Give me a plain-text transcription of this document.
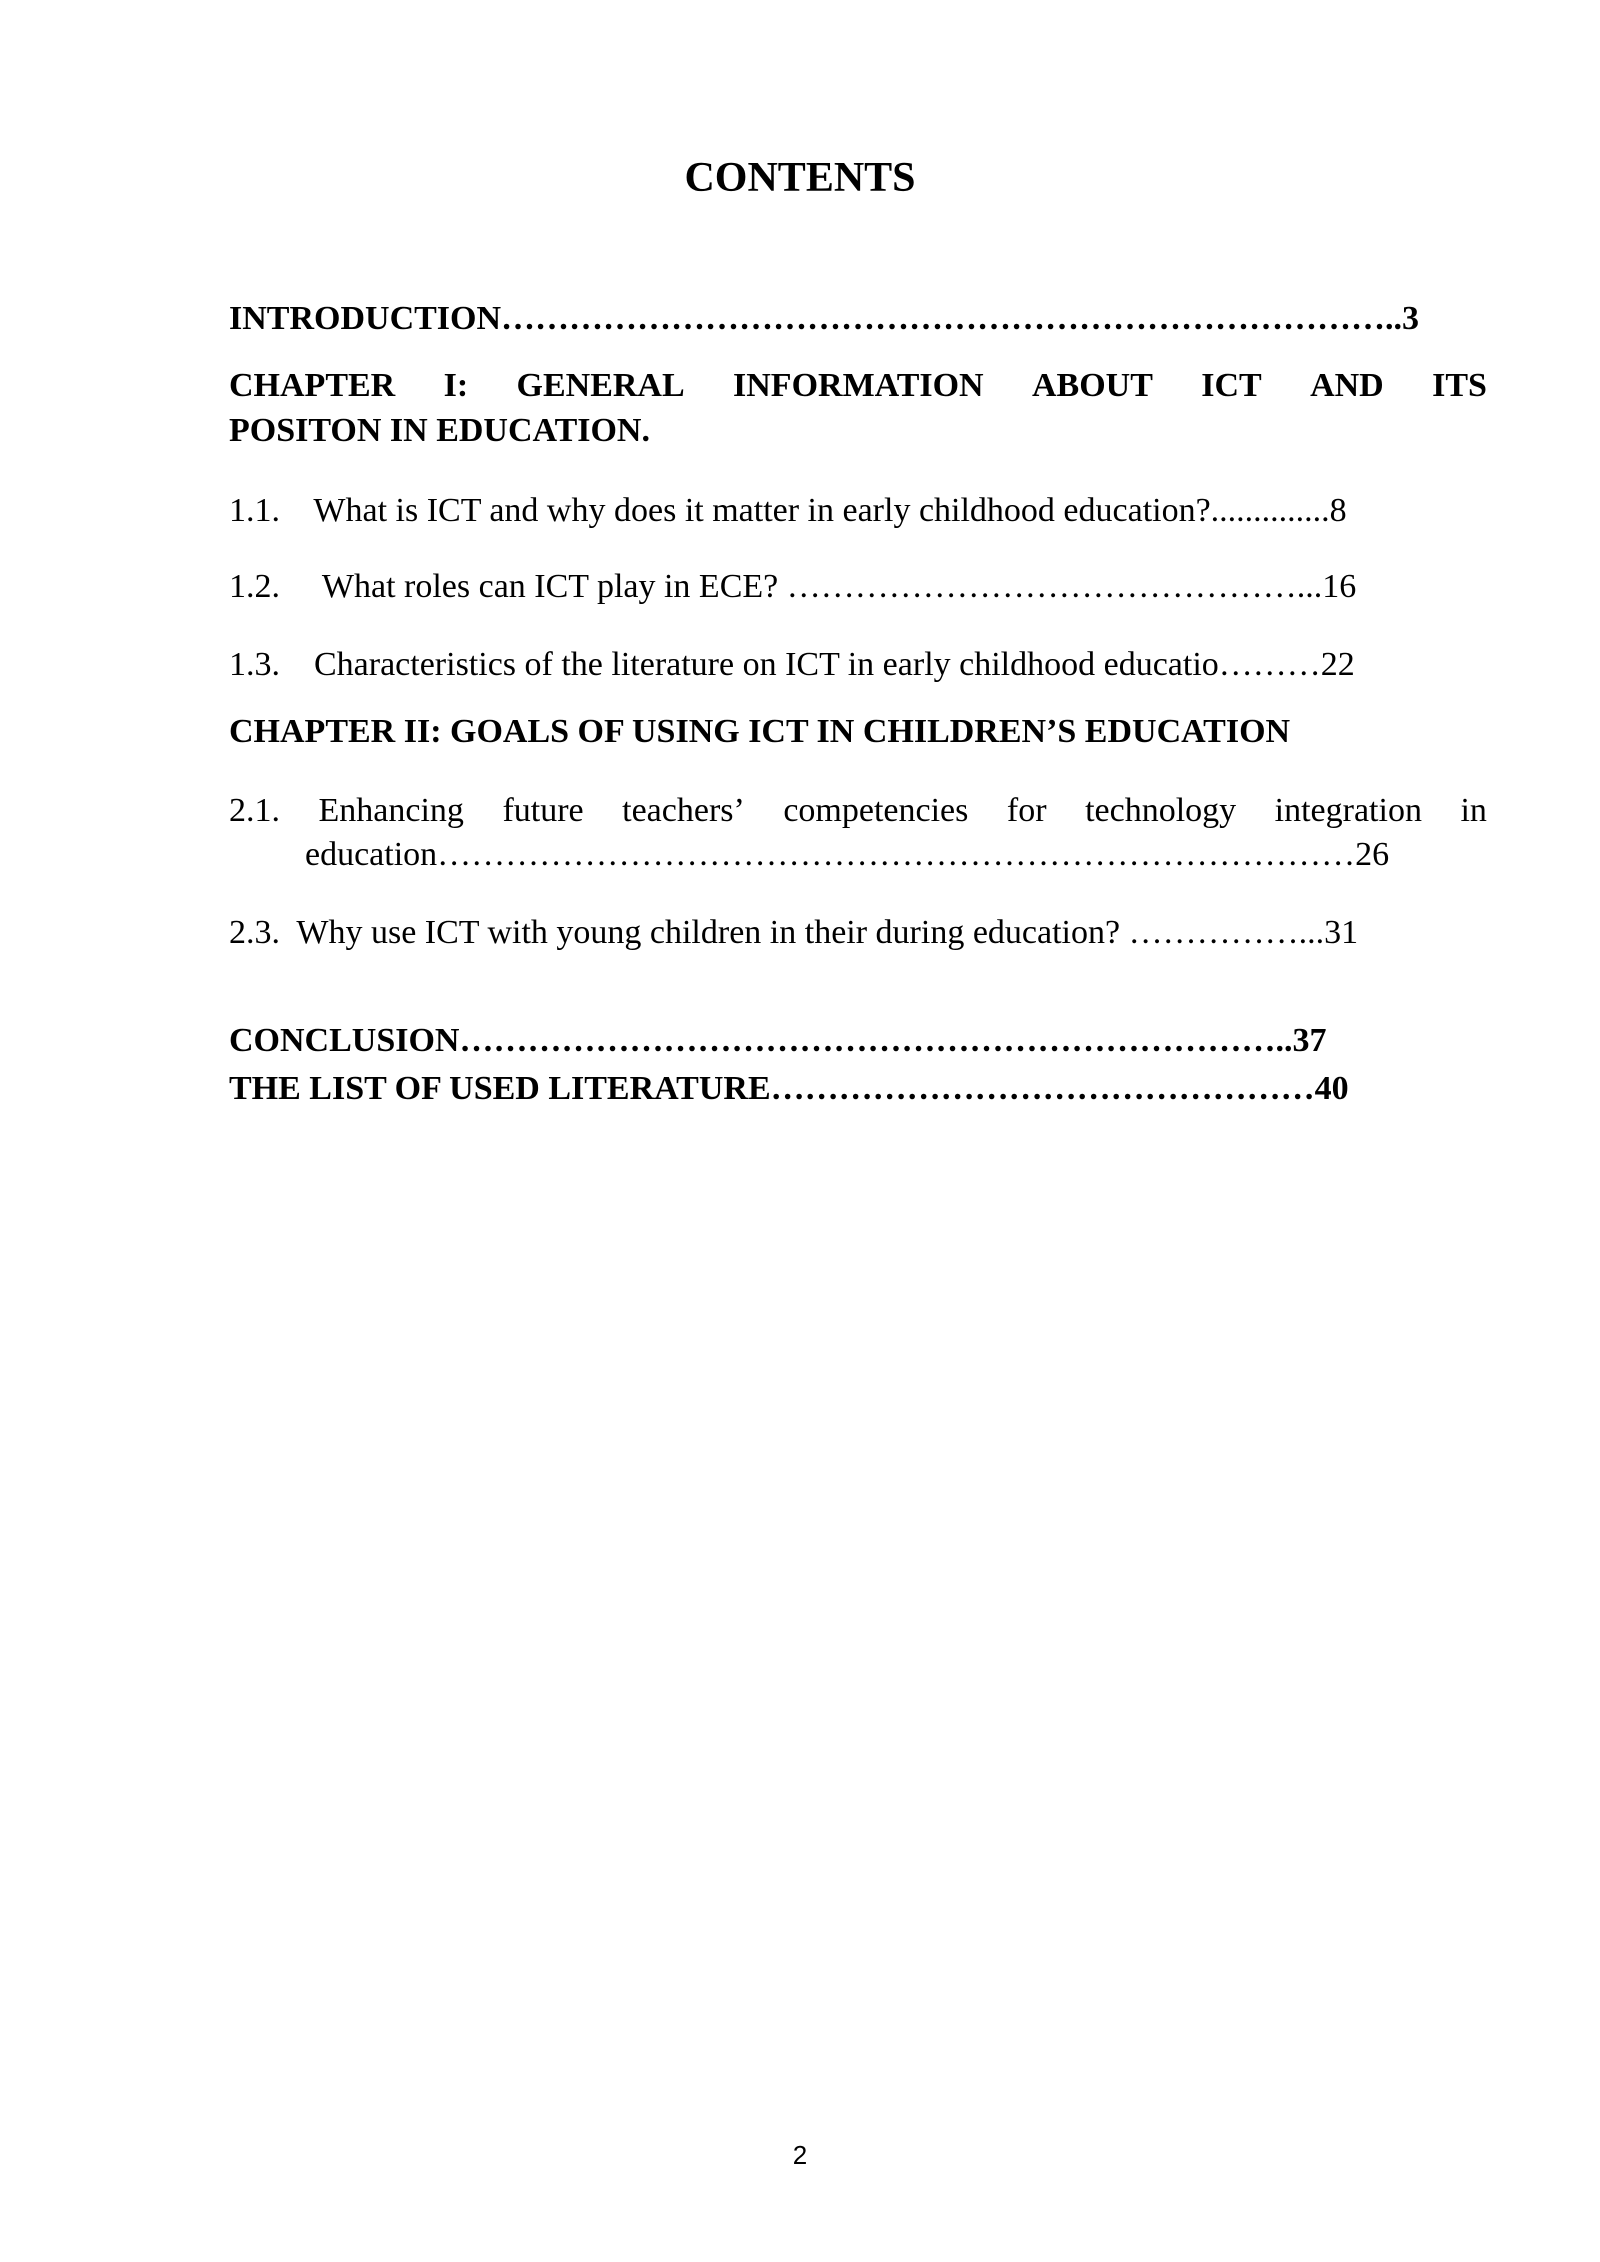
CONTENTS
INTRODUCTION……………………………………………………………………..3
CHAPTER I: GENERAL INFORMATION ABOUT ICT AND ITS
POSITON IN EDUCATION.
1.1.    What is ICT and why does it matter in early childhood education?..............8
1.2.     What roles can ICT play in ECE? ………………………………………...16
1.3.    Characteristics of the literature on ICT in early childhood educatio………22
CHAPTER II: GOALS OF USING ICT IN CHILDREN’S EDUCATION
2.1. Enhancing future teachers’ competencies for technology integration in
education………………………………………………………………………26
2.3.  Why use ICT with young children in their during education? ……………...31
CONCLUSION………………………………………………………………..37
THE LIST OF USED LITERATURE…………………………………………40
2
